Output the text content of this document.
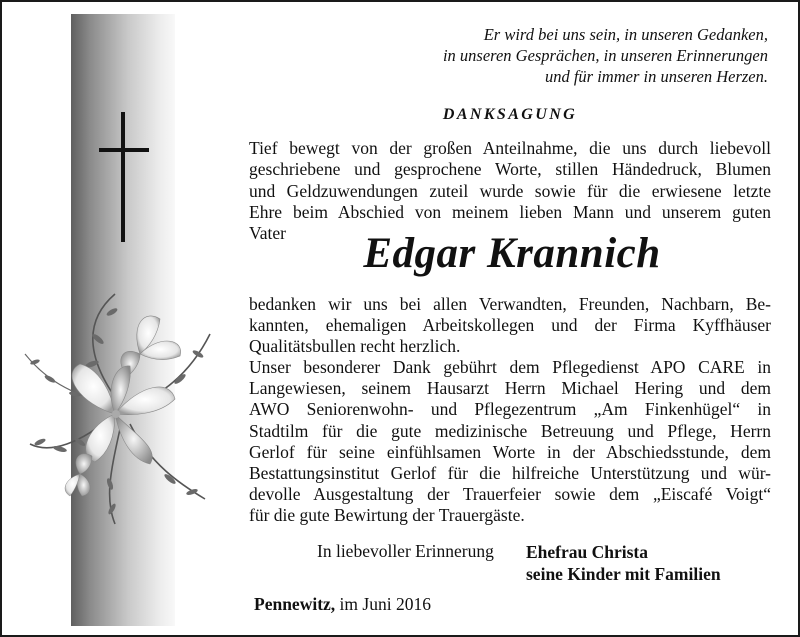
Er wird bei uns sein, in unseren Gedanken,
in unseren Gesprächen, in unseren Erinnerungen
und für immer in unseren Herzen.
DANKSAGUNG
Tief bewegt von der großen Anteilnahme, die uns durch liebevoll
geschriebene und gesprochene Worte, stillen Händedruck, Blumen
und Geldzuwendungen zuteil wurde sowie für die erwiesene letzte
Ehre beim Abschied von meinem lieben Mann und unserem guten
Vater	Edgar Krannich
bedanken wir uns bei allen Verwandten, Freunden, Nachbarn, Be-
kannten, ehemaligen Arbeitskollegen und der Firma Kyffhäuser
Qualitätsbullen recht herzlich.
Unser besonderer Dank gebührt dem Pflegedienst APO CARE in
Langewiesen, seinem Hausarzt Herrn Michael Hering und dem
AWO Seniorenwohn- und Pflegezentrum „Am Finkenhügel“ in
Stadtilm für die gute medizinische Betreuung und Pflege, Herrn
Gerlof für seine einfühlsamen Worte in der Abschiedsstunde, dem
Bestattungsinstitut Gerlof für die hilfreiche Unterstützung und wür-
devolle Ausgestaltung der Trauerfeier sowie dem „Eiscafé Voigt“
für die gute Bewirtung der Trauergäste.
In liebevoller Erinnerung Ehefrau Christa
seine Kinder mit Familien
Pennewitz, im Juni 2016
